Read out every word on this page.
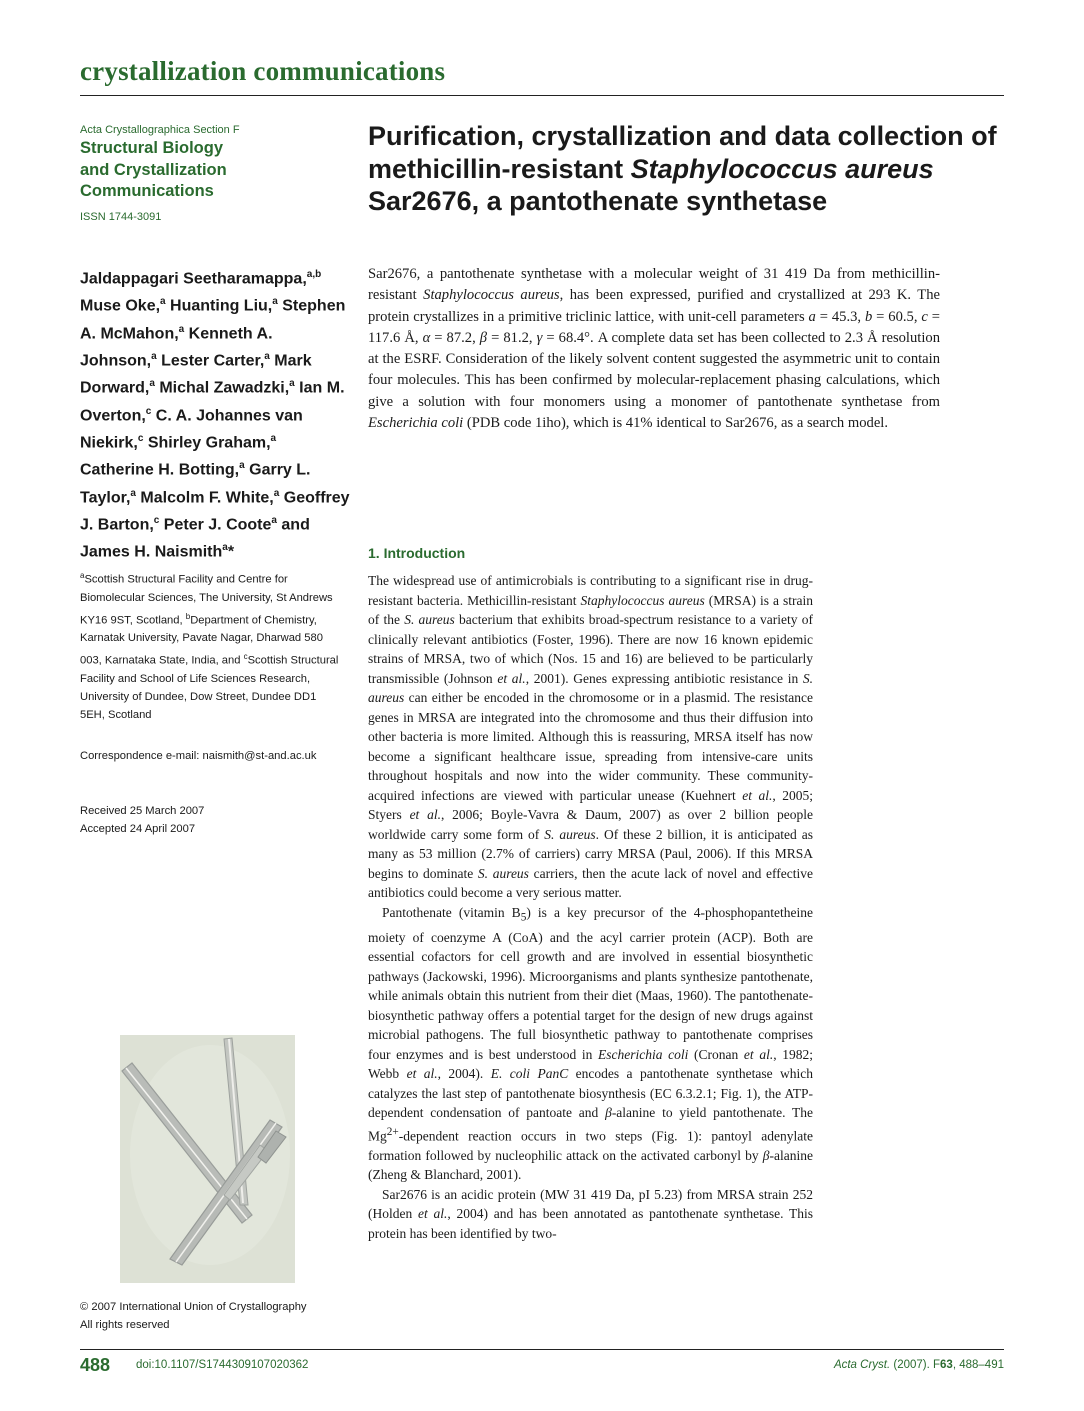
crystallization communications
Acta Crystallographica Section F
Structural Biology
and Crystallization
Communications
ISSN 1744-3091
Purification, crystallization and data collection of methicillin-resistant Staphylococcus aureus Sar2676, a pantothenate synthetase
Jaldappagari Seetharamappa,$^{a,b}$ Muse Oke,$^a$ Huanting Liu,$^a$ Stephen A. McMahon,$^a$ Kenneth A. Johnson,$^a$ Lester Carter,$^a$ Mark Dorward,$^a$ Michal Zawadzki,$^a$ Ian M. Overton,$^c$ C. A. Johannes van Niekirk,$^c$ Shirley Graham,$^a$ Catherine H. Botting,$^a$ Garry L. Taylor,$^a$ Malcolm F. White,$^a$ Geoffrey J. Barton,$^c$ Peter J. Coote$^a$ and James H. Naismith$^a$*
$^a$Scottish Structural Facility and Centre for Biomolecular Sciences, The University, St Andrews KY16 9ST, Scotland, $^b$Department of Chemistry, Karnatak University, Pavate Nagar, Dharwad 580 003, Karnataka State, India, and $^c$Scottish Structural Facility and School of Life Sciences Research, University of Dundee, Dow Street, Dundee DD1 5EH, Scotland
Correspondence e-mail: naismith@st-and.ac.uk
Received 25 March 2007
Accepted 24 April 2007
© 2007 International Union of Crystallography
All rights reserved

Sar2676, a pantothenate synthetase with a molecular weight of 31 419 Da from methicillin-resistant Staphylococcus aureus, has been expressed, purified and crystallized at 293 K. The protein crystallizes in a primitive triclinic lattice, with unit-cell parameters a = 45.3, b = 60.5, c = 117.6 Å, α = 87.2, β = 81.2, γ = 68.4°. A complete data set has been collected to 2.3 Å resolution at the ESRF. Consideration of the likely solvent content suggested the asymmetric unit to contain four molecules. This has been confirmed by molecular-replacement phasing calculations, which give a solution with four monomers using a monomer of pantothenate synthetase from Escherichia coli (PDB code 1iho), which is 41% identical to Sar2676, as a search model.

1. Introduction

The widespread use of antimicrobials is contributing to a significant rise in drug-resistant bacteria. Methicillin-resistant Staphylococcus aureus (MRSA) is a strain of the S. aureus bacterium that exhibits broad-spectrum resistance to a variety of clinically relevant antibiotics (Foster, 1996). There are now 16 known epidemic strains of MRSA, two of which (Nos. 15 and 16) are believed to be particularly transmissible (Johnson et al., 2001). Genes expressing antibiotic resistance in S. aureus can either be encoded in the chromosome or in a plasmid. The resistance genes in MRSA are integrated into the chromosome and thus their diffusion into other bacteria is more limited. Although this is reassuring, MRSA itself has now become a significant healthcare issue, spreading from intensive-care units throughout hospitals and now into the wider community. These community-acquired infections are viewed with particular unease (Kuehnert et al., 2005; Styers et al., 2006; Boyle-Vavra & Daum, 2007) as over 2 billion people worldwide carry some form of S. aureus. Of these 2 billion, it is anticipated as many as 53 million (2.7% of carriers) carry MRSA (Paul, 2006). If this MRSA begins to dominate S. aureus carriers, then the acute lack of novel and effective antibiotics could become a very serious matter.

Pantothenate (vitamin $B_5$) is a key precursor of the 4-phosphopantetheine moiety of coenzyme A (CoA) and the acyl carrier protein (ACP). Both are essential cofactors for cell growth and are involved in essential biosynthetic pathways (Jackowski, 1996). Microorganisms and plants synthesize pantothenate, while animals obtain this nutrient from their diet (Maas, 1960). The pantothenate-biosynthetic pathway offers a potential target for the design of new drugs against microbial pathogens. The full biosynthetic pathway to pantothenate comprises four enzymes and is best understood in Escherichia coli (Cronan et al., 1982; Webb et al., 2004). E. coli PanC encodes a pantothenate synthetase which catalyzes the last step of pantothenate biosynthesis (EC 6.3.2.1; Fig. 1), the ATP-dependent condensation of pantoate and β-alanine to yield pantothenate. The $Mg^{2+}$-dependent reaction occurs in two steps (Fig. 1): pantoyl adenylate formation followed by nucleophilic attack on the activated carbonyl by β-alanine (Zheng & Blanchard, 2001).

Sar2676 is an acidic protein (MW 31 419 Da, pI 5.23) from MRSA strain 252 (Holden et al., 2004) and has been annotated as pantothenate synthetase. This protein has been identified by two-

488 doi:10.1107/S1744309107020362	Acta Cryst. (2007). F63, 488–491
